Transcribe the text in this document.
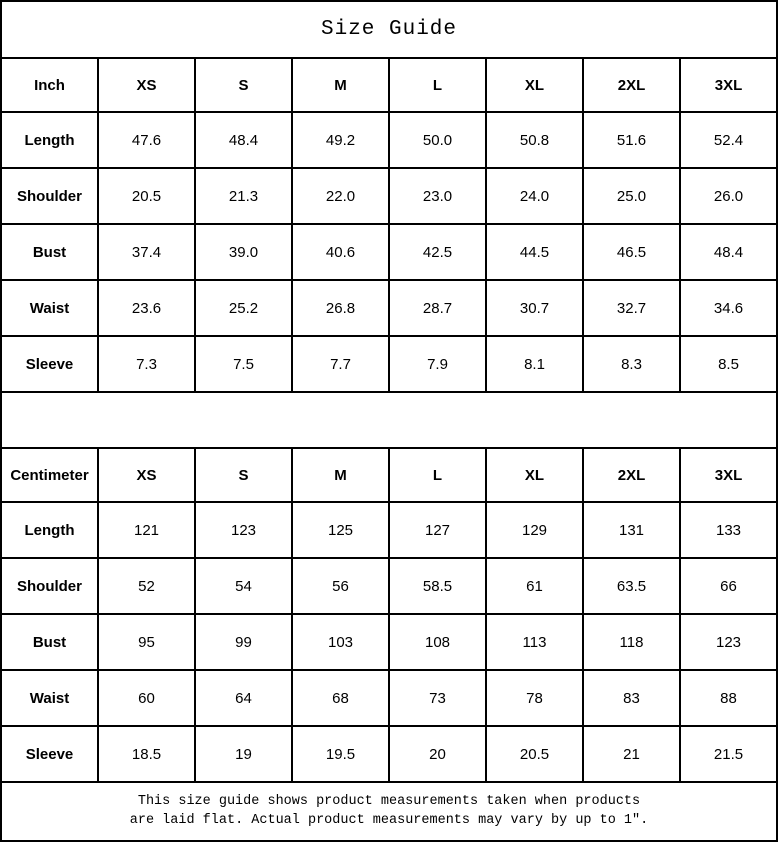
Size Guide
Inch	XS	S	M	L	XL	2XL	3XL
Length	47.6	48.4	49.2	50.0	50.8	51.6	52.4
Shoulder	20.5	21.3	22.0	23.0	24.0	25.0	26.0
Bust	37.4	39.0	40.6	42.5	44.5	46.5	48.4
Waist	23.6	25.2	26.8	28.7	30.7	32.7	34.6
Sleeve	7.3	7.5	7.7	7.9	8.1	8.3	8.5
Centimeter	XS	S	M	L	XL	2XL	3XL
Length	121	123	125	127	129	131	133
Shoulder	52	54	56	58.5	61	63.5	66
Bust	95	99	103	108	113	118	123
Waist	60	64	68	73	78	83	88
Sleeve	18.5	19	19.5	20	20.5	21	21.5
This size guide shows product measurements taken when products
are laid flat. Actual product measurements may vary by up to 1″.
